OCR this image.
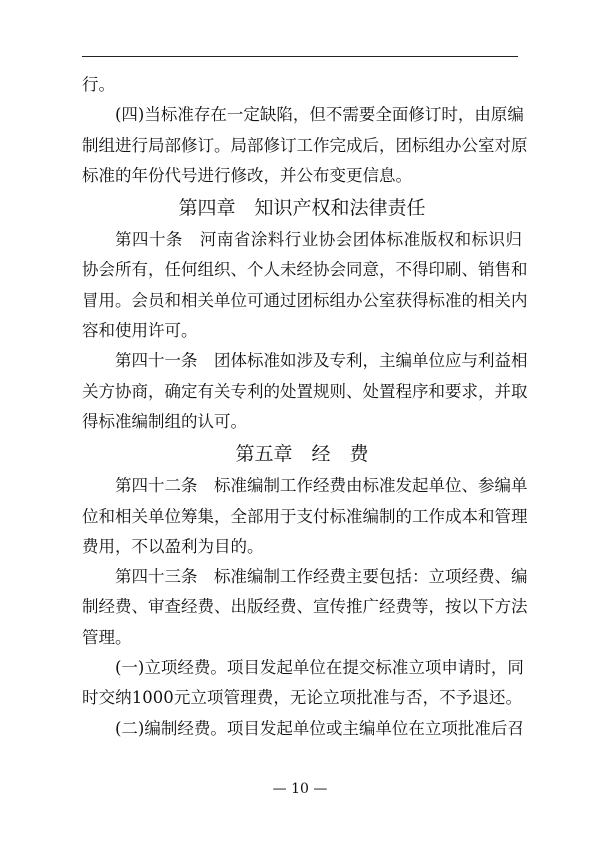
行。
(四)当标准存在一定缺陷，但不需要全面修订时，由原编
制组进行局部修订。局部修订工作完成后，团标组办公室对原
标准的年份代号进行修改，并公布变更信息。
第四章　知识产权和法律责任
第四十条　河南省涂料行业协会团体标准版权和标识归
协会所有，任何组织、个人未经协会同意，不得印刷、销售和
冒用。会员和相关单位可通过团标组办公室获得标准的相关内
容和使用许可。
第四十一条　团体标准如涉及专利，主编单位应与利益相
关方协商，确定有关专利的处置规则、处置程序和要求，并取
得标准编制组的认可。
第五章　经　费
第四十二条　标准编制工作经费由标准发起单位、参编单
位和相关单位筹集，全部用于支付标准编制的工作成本和管理
费用，不以盈利为目的。
第四十三条　标准编制工作经费主要包括：立项经费、编
制经费、审查经费、出版经费、宣传推广经费等，按以下方法
管理。
(一)立项经费。项目发起单位在提交标准立项申请时，同
时交纳1000元立项管理费，无论立项批准与否，不予退还。
(二)编制经费。项目发起单位或主编单位在立项批准后召
— 10 —
